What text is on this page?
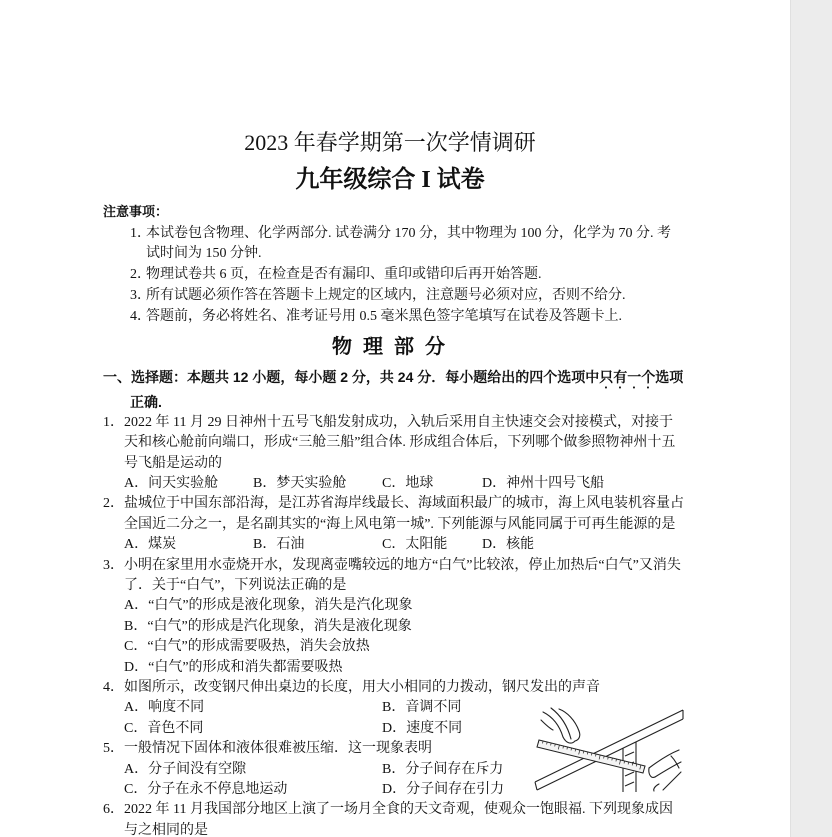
2023 年春学期第一次学情调研
九年级综合 I 试卷
注意事项：
1．
本试卷包含物理、化学两部分. 试卷满分 170 分，其中物理为 100 分，化学为 70 分. 考
试时间为 150 分钟.
2．
物理试卷共 6 页，在检查是否有漏印、重印或错印后再开始答题.
3．
所有试题必须作答在答题卡上规定的区域内，注意题号必须对应，否则不给分.
4．
答题前，务必将姓名、准考证号用 0.5 毫米黑色签字笔填写在试卷及答题卡上.
物 理 部 分
一、选择题：本题共 12 小题，每小题 2 分，共 24 分．每小题给出的四个选项中只有一个选项
正确.
1． 2022 年 11 月 29 日神州十五号飞船发射成功，入轨后采用自主快速交会对接模式，对接于
天和核心舱前向端口，形成“三舱三船”组合体. 形成组合体后，下列哪个做参照物神州十五
号飞船是运动的
A．问天实验舱	B．梦天实验舱	C．地球	D．神州十四号飞船
2． 盐城位于中国东部沿海，是江苏省海岸线最长、海域面积最广的城市，海上风电装机容量占
全国近二分之一，是名副其实的“海上风电第一城”. 下列能源与风能同属于可再生能源的是
A．煤炭	B．石油	C．太阳能	D．核能
3． 小明在家里用水壶烧开水，发现离壶嘴较远的地方“白气”比较浓，停止加热后“白气”又消失
了．关于“白气”，下列说法正确的是
A．“白气”的形成是液化现象，消失是汽化现象
B．“白气”的形成是汽化现象，消失是液化现象
C．“白气”的形成需要吸热，消失会放热
D．“白气”的形成和消失都需要吸热
4． 如图所示，改变钢尺伸出桌边的长度，用大小相同的力拨动，钢尺发出的声音
A．响度不同	B．音调不同
C．音色不同	D．速度不同
5． 一般情况下固体和液体很难被压缩．这一现象表明
A．分子间没有空隙	B．分子间存在斥力
C．分子在永不停息地运动	D．分子间存在引力
6． 2022 年 11 月我国部分地区上演了一场月全食的天文奇观，使观众一饱眼福. 下列现象成因
与之相同的是
